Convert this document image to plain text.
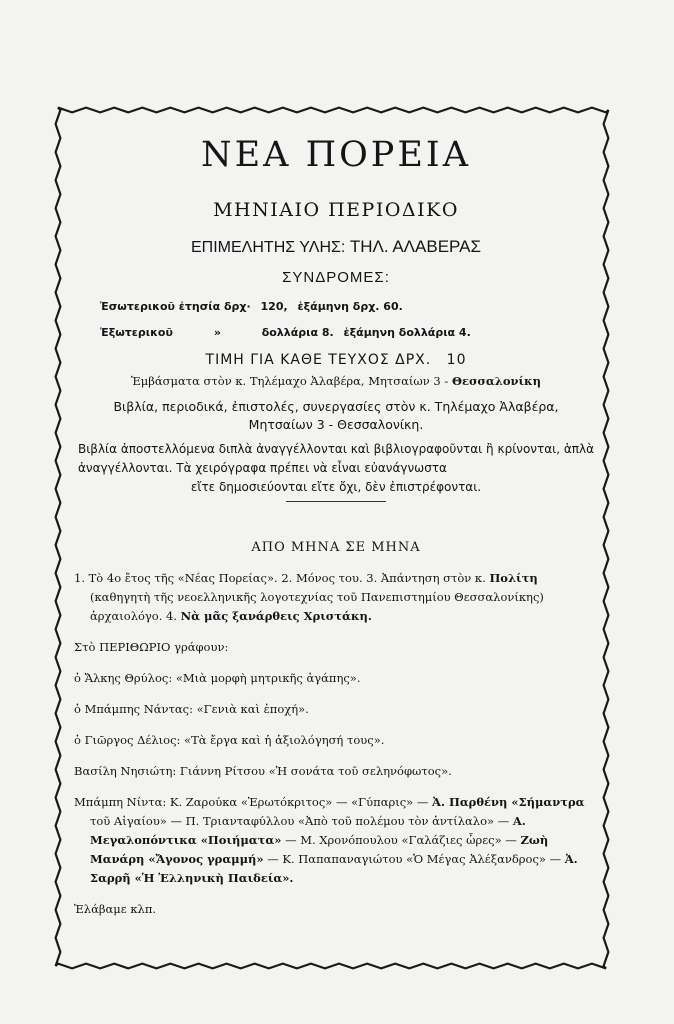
ΝΕΑ ΠΟΡΕΙΑ
ΜΗΝΙΑΙΟ ΠΕΡΙΟΔΙΚΟ
ΕΠΙΜΕΛΗΤΗΣ ΥΛΗΣ: ΤΗΛ. ΑΛΑΒΕΡΑΣ
ΣΥΝΔΡΟΜΕΣ:
Ἐσωτερικοῦ ἐτησία δρχ· 120, ἑξάμηνη δρχ. 60.
Ἐξωτερικοῦ	»	δολλάρια 8. ἑξάμηνη δολλάρια 4.
ΤΙΜΗ ΓΙΑ ΚΑΘΕ ΤΕΥΧΟΣ ΔΡΧ. 10
Ἐμβάσματα στὸν κ. Τηλέμαχο Ἀλαβέρα, Μητσαίων 3 - Θεσσαλονίκη
Βιβλία, περιοδικά, ἐπιστολές, συνεργασίες στὸν κ. Τηλέμαχο Ἀλαβέρα,
Μητσαίων 3 - Θεσσαλονίκη.
Βιβλία ἀποστελλόμενα διπλὰ ἀναγγέλλονται καὶ βιβλιογραφοῦνται ἢ κρίνονται, ἁπλὰ ἀναγγέλλονται. Τὰ χειρόγραφα πρέπει νὰ εἶναι εὐανάγνωστα
εἴτε δημοσιεύονται εἴτε ὄχι, δὲν ἐπιστρέφονται.
ΑΠΟ ΜΗΝΑ ΣΕ ΜΗΝΑ
1. Τὸ 4ο ἔτος τῆς «Νέας Πορείας». 2. Μόνος του. 3. Ἀπάντηση στὸν κ. Πολίτη (καθηγητὴ τῆς νεοελληνικῆς λογοτεχνίας τοῦ Πανεπιστημίου Θεσσαλονίκης) ἀρχαιολόγο. 4. Νὰ μᾶς ξανάρθεις Χριστάκη.
Στὸ ΠΕΡΙΘΩΡΙΟ γράφουν:
ὁ Ἄλκης Θρύλος: «Μιὰ μορφὴ μητρικῆς ἀγάπης».
ὁ Μπάμπης Νάντας: «Γενιὰ καὶ ἐποχή».
ὁ Γιῶργος Δέλιος: «Τὰ ἔργα καὶ ἡ ἀξιολόγησή τους».
Βασίλη Νησιώτη: Γιάννη Ρίτσου «Ἡ σονάτα τοῦ σεληνόφωτος».
Μπάμπη Νίντα: Κ. Ζαρούκα «Ἐρωτόκριτος» — «Γύπαρις» — Ἀ. Παρθένη «Σήμαντρα τοῦ Αἰγαίου» — Π. Τριανταφύλλου «Ἀπὸ τοῦ πολέμου τὸν ἀντίλαλο» — Α. Μεγαλοπόντικα «Ποιήματα» — Μ. Χρονόπουλου «Γαλάζιες ὧρες» — Ζωὴ Μανάρη «Ἄγονος γραμμή» — Κ. Παπαπαναγιώτου «Ὁ Μέγας Ἀλέξανδρος» — Ἀ. Σαρρῆ «Ἡ Ἑλληνικὴ Παιδεία».
Ἐλάβαμε κλπ.
